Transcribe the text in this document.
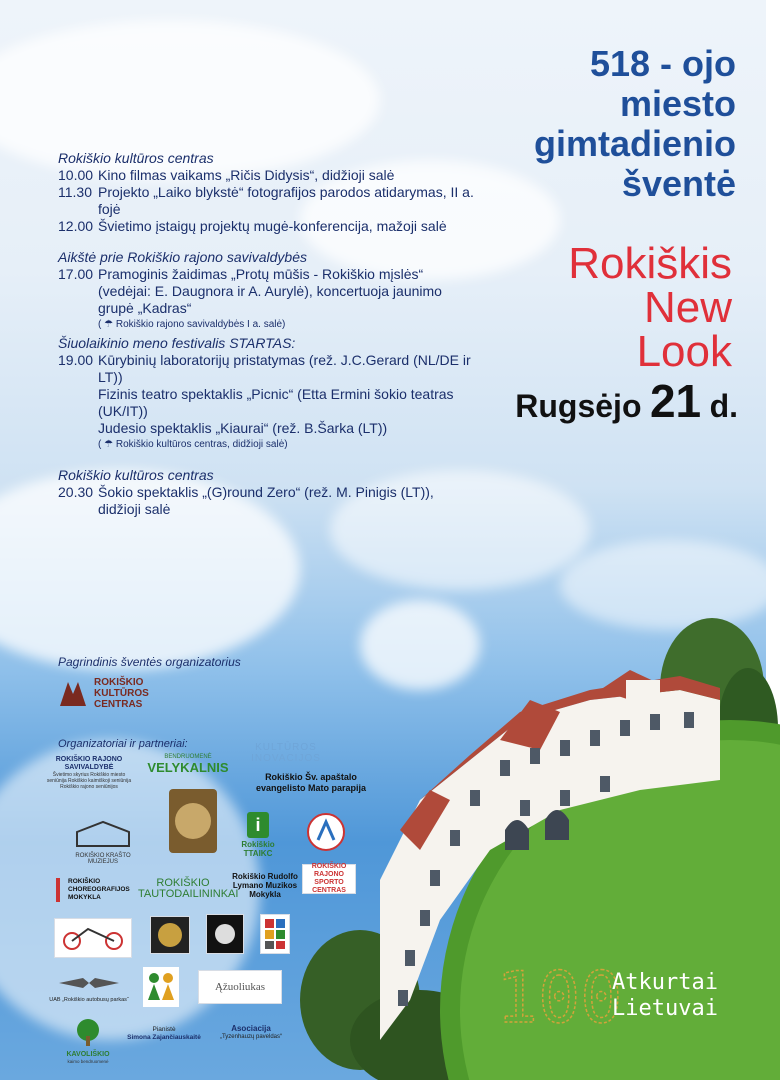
518 - ojo
miesto
gimtadienio
šventė
Rokiškis
New
Look
Rugsėjo 21 d.
Rokiškio kultūros centras
10.00 Kino filmas vaikams „Ričis Didysis“, didžioji salė
11.30 Projekto „Laiko blykstė“ fotografijos parodos atidarymas, II a. fojė
12.00 Švietimo įstaigų projektų mugė-konferencija, mažoji salė
Aikštė prie Rokiškio rajono savivaldybės
17.00 Pramoginis žaidimas „Protų mūšis - Rokiškio mįslės“ (vedėjai: E. Daugnora ir A. Aurylė), koncertuoja jaunimo grupė „Kadras“
( ☂ Rokiškio rajono savivaldybės I a. salė)
Šiuolaikinio meno festivalis STARTAS:
19.00 Kūrybinių laboratorijų pristatymas (rež. J.C.Gerard (NL/DE ir LT))
Fizinis teatro spektaklis „Picnic“ (Etta Ermini šokio teatras (UK/IT))
Judesio spektaklis „Kiaurai“ (rež. B.Šarka (LT))
( ☂ Rokiškio kultūros centras, didžioji salė)
Rokiškio kultūros centras
20.30 Šokio spektaklis „(G)round Zero“ (rež. M. Pinigis (LT)), didžioji salė
Pagrindinis šventės organizatorius
ROKIŠKIO KULTŪROS CENTRAS
Organizatoriai ir partneriai:
ROKIŠKIO RAJONO SAVIVALDYBĖ
Švietimo skyrius Rokiškio miesto seniūnija Rokiškio kaimiškoji seniūnija Rokiškio rajono seniūnijos
BENDRUOMENĖ
VELYKALNIS
KULTŪROS INOVACIJOS
Rokiškio Šv. apaštalo evangelisto Mato parapija
ROKIŠKIO KRAŠTO MUZIEJUS
i
Rokiškio TTAIKC
ROKIŠKIO CHOREOGRAFIJOS MOKYKLA
ROKIŠKIO TAUTODAILININKAI
Rokiškio Rudolfo Lymano Muzikos Mokykla
ROKIŠKIO RAJONO SPORTO CENTRAS
UAB „Rokiškio autobusų parkas“
Ąžuoliukas
KAVOLIŠKIO
kaimo bendruomenė
Pianistė
Simona Zajančiauskaitė
Asociacija
„Tyzenhauzų paveldas“	100
Atkurtai
Lietuvai
